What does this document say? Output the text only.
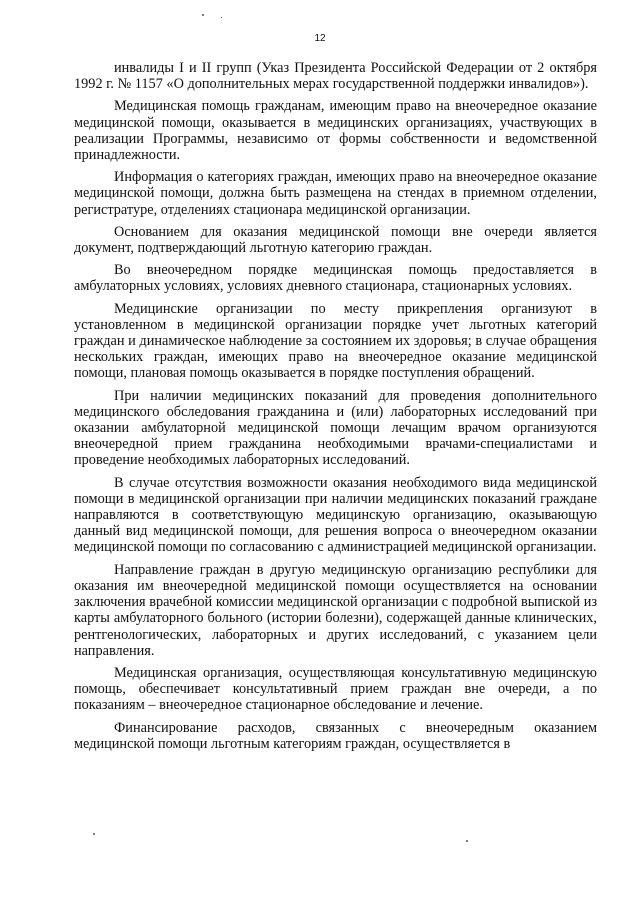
12

инвалиды I и II групп (Указ Президента Российской Федерации от 2 октября 1992 г. № 1157 «О дополнительных мерах государственной поддержки инвалидов»).

Медицинская помощь гражданам, имеющим право на внеочередное оказание медицинской помощи, оказывается в медицинских организациях, участвующих в реализации Программы, независимо от формы собственности и ведомственной принадлежности.

Информация о категориях граждан, имеющих право на внеочередное оказание медицинской помощи, должна быть размещена на стендах в приемном отделении, регистратуре, отделениях стационара медицинской организации.

Основанием для оказания медицинской помощи вне очереди является документ, подтверждающий льготную категорию граждан.

Во внеочередном порядке медицинская помощь предоставляется в амбулаторных условиях, условиях дневного стационара, стационарных условиях.

Медицинские организации по месту прикрепления организуют в установленном в медицинской организации порядке учет льготных категорий граждан и динамическое наблюдение за состоянием их здоровья; в случае обращения нескольких граждан, имеющих право на внеочередное оказание медицинской помощи, плановая помощь оказывается в порядке поступления обращений.

При наличии медицинских показаний для проведения дополнительного медицинского обследования гражданина и (или) лабораторных исследований при оказании амбулаторной медицинской помощи лечащим врачом организуются внеочередной прием гражданина необходимыми врачами-специалистами и проведение необходимых лабораторных исследований.

В случае отсутствия возможности оказания необходимого вида медицинской помощи в медицинской организации при наличии медицинских показаний граждане направляются в соответствующую медицинскую организацию, оказывающую данный вид медицинской помощи, для решения вопроса о внеочередном оказании медицинской помощи по согласованию с администрацией медицинской организации.

Направление граждан в другую медицинскую организацию республики для оказания им внеочередной медицинской помощи осуществляется на основании заключения врачебной комиссии медицинской организации с подробной выпиской из карты амбулаторного больного (истории болезни), содержащей данные клинических, рентгенологических, лабораторных и других исследований, с указанием цели направления.

Медицинская организация, осуществляющая консультативную медицинскую помощь, обеспечивает консультативный прием граждан вне очереди, а по показаниям – внеочередное стационарное обследование и лечение.

Финансирование расходов, связанных с внеочередным оказанием медицинской помощи льготным категориям граждан, осуществляется в
